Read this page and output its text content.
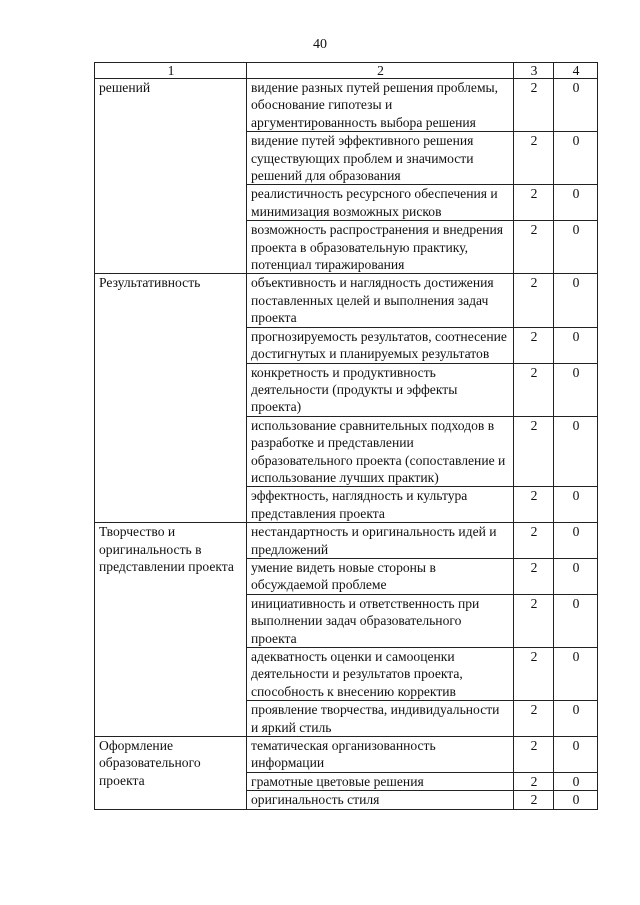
40
1	2	3	4
решений	видение разных путей решения проблемы, обоснование гипотезы и аргументированность выбора решения	2	0
	видение путей эффективного решения существующих проблем и значимости решений для образования	2	0
	реалистичность ресурсного обеспечения и минимизация возможных рисков	2	0
	возможность распространения и внедрения проекта в образовательную практику, потенциал тиражирования	2	0
Результативность	объективность и наглядность достижения поставленных целей и выполнения задач проекта	2	0
	прогнозируемость результатов, соотнесение достигнутых и планируемых результатов	2	0
	конкретность и продуктивность деятельности (продукты и эффекты проекта)	2	0
	использование сравнительных подходов в разработке и представлении образовательного проекта (сопоставление и использование лучших практик)	2	0
	эффектность, наглядность и культура представления проекта	2	0
Творчество и оригинальность в представлении проекта	нестандартность и оригинальность идей и предложений	2	0
	умение видеть новые стороны в обсуждаемой проблеме	2	0
	инициативность и ответственность при выполнении задач образовательного проекта	2	0
	адекватность оценки и самооценки деятельности и результатов проекта, способность к внесению корректив	2	0
	проявление творчества, индивидуальности и яркий стиль	2	0
Оформление образовательного проекта	тематическая организованность информации	2	0
	грамотные цветовые решения	2	0
	оригинальность стиля	2	0
